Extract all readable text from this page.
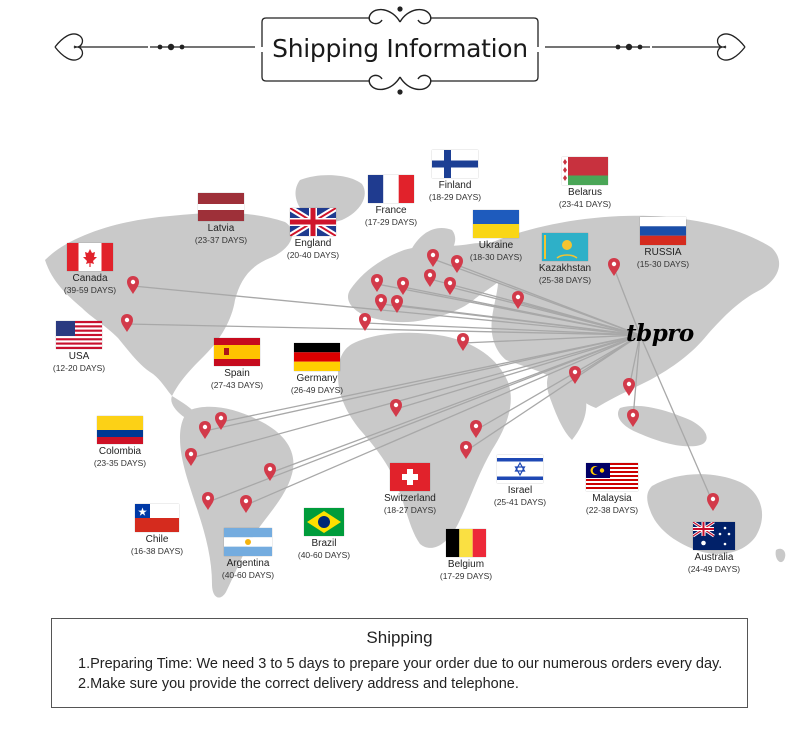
Shipping Information
tbpro
Finland
(18-29 DAYS)	Belarus
(23-41 DAYS)
France
(17-29 DAYS)
Latvia
(23-37 DAYS)	England
(20-40 DAYS)
Ukraine
(18-30 DAYS)
Kazakhstan
(25-38 DAYS)
RUSSIA
(15-30 DAYS)
Canada
(39-59 DAYS)
USA
(12-20 DAYS)	Spain
(27-43 DAYS)
Germany
(26-49 DAYS)
Colombia
(23-35 DAYS)
Switzerland
(18-27 DAYS)
Israel
(25-41 DAYS)	Malaysia
(22-38 DAYS)
Chile
(16-38 DAYS)
Brazil
(40-60 DAYS)
Argentina
(40-60 DAYS)
Belgium
(17-29 DAYS)
Australia
(24-49 DAYS)
Shipping
1.Preparing Time: We need 3 to 5 days to prepare your order due to our numerous orders every day.
2.Make sure you provide the correct delivery address and telephone.
